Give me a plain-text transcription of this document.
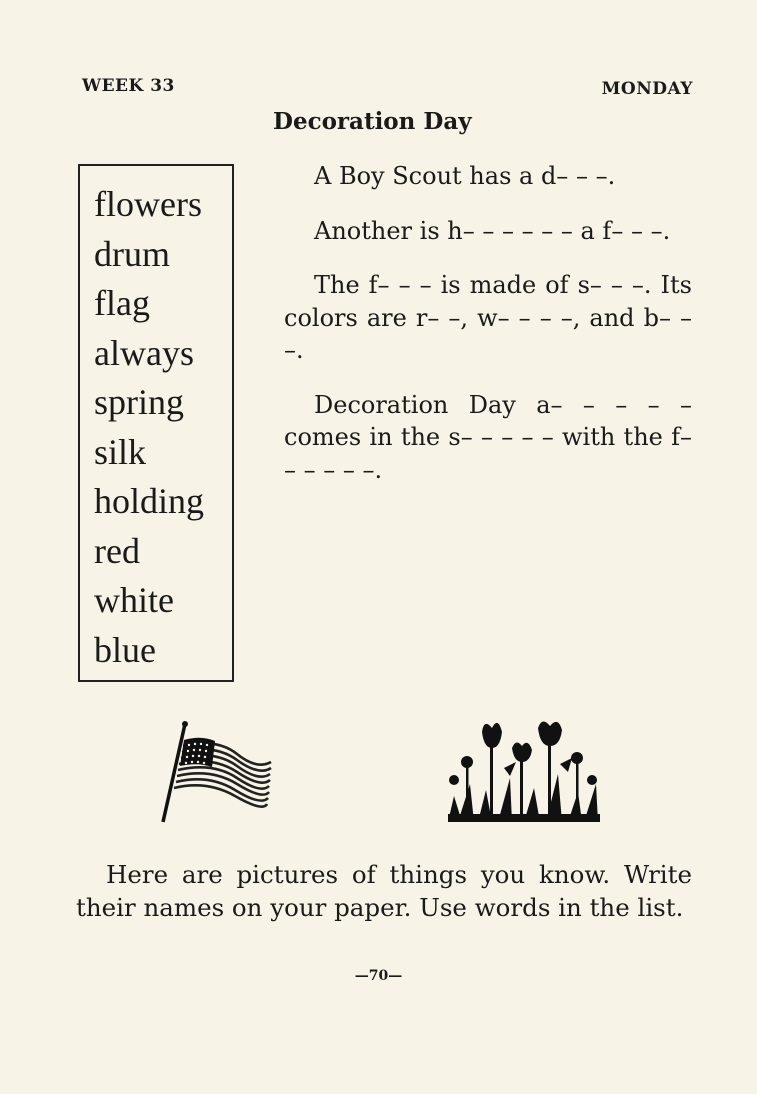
WEEK 33	MONDAY
Decoration Day
flowers
drum
flag
always
spring
silk
holding
red
white
blue
A Boy Scout has a d– – –.
Another is h– – – – – – a f– – –.
The f– – – is made of s– – –. Its colors are r– –, w– – – –, and b– – –.
Decoration Day a– – – – – comes in the s– – – – – with the f– – – – – –.
Here are pictures of things you know. Write their names on your paper. Use words in the list.
—70—
